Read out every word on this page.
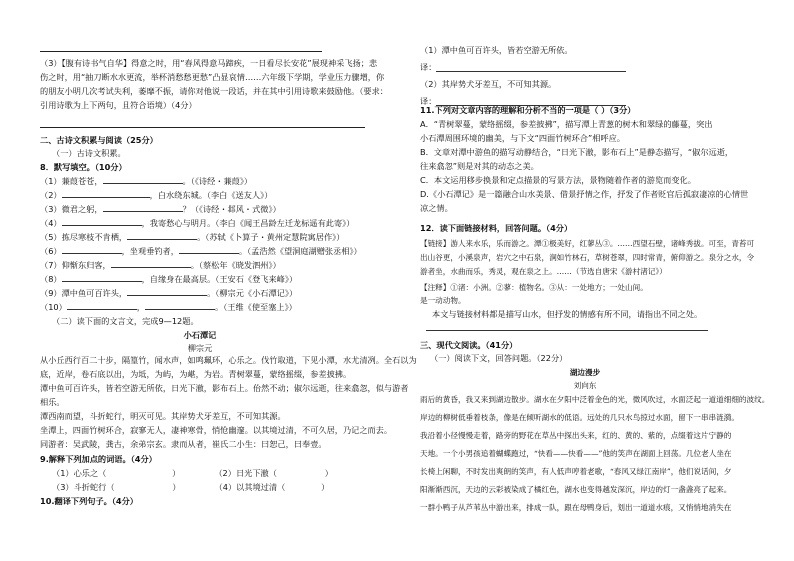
（3）【腹有诗书气自华】得意之时，用“春风得意马蹄疾，一日看尽长安花”展现神采飞扬；悲
伤之时，用“抽刀断水水更流，举杯消愁愁更愁”凸显哀情……六年级下学期，学业压力骤增，你
的朋友小明几次考试失利，萎靡不振，请你对他说一段话，并在其中引用诗歌来鼓励他。（要求：
引用诗歌为上下两句，且符合语境）（4分）
二、古诗文积累与阅读（25分）
（一）古诗文积累。
8．默写填空。（10分）
（1）蒹葭苍苍，	。（《诗经・蒹葭》）
（2）	，白水绕东城。（李白《送友人》）
（3）微君之躬，	？（《诗经・邶风・式微》）
（4）	，我寄愁心与明月。（李白《闻王昌龄左迁龙标遥有此寄》）
（5）拣尽寒枝不肯栖，	。（苏轼《卜算子・黄州定慧院寓居作》）
（6）	，坐观垂钓者，	。（孟浩然《望洞庭湖赠张丞相》）
（7）仰惭东归客，	。（蔡松年《晓发泗州》）
（8）	，自缘身在最高层。（王安石《登飞来峰》）
（9）潭中鱼可百许头，	。（柳宗元《小石潭记》）
（10）	，	。（王维《使至塞上》）
（二）读下面的文言文，完成9—12题。
小石潭记
柳宗元
从小丘西行百二十步，隔篁竹，闻水声，如鸣珮环，心乐之。伐竹取道，下见小潭，水尤清冽。全石以为
底，近岸，卷石底以出，为坻，为屿，为嵁，为岩。青树翠蔓，蒙络摇缀，参差披拂。
潭中鱼可百许头，皆若空游无所依，日光下澈，影布石上。佁然不动；俶尔远逝，往来翕忽，似与游者
相乐。
潭西南而望，斗折蛇行，明灭可见。其岸势犬牙差互，不可知其源。
坐潭上，四面竹树环合，寂寥无人，凄神寒骨，悄怆幽邃。以其境过清，不可久居，乃记之而去。
同游者：吴武陵，龚古，余弟宗玄。隶而从者，崔氏二小生：曰恕己，曰奉壹。
9.解释下列加点的词语。（4分）
（1）心乐之（	）	（2）日光下澈（	）
（3）斗折蛇行（	）	（4）以其境过清（	）
10.翻译下列句子。（4分）
（1）潭中鱼可百许头，皆若空游无所依。
译：
（2）其岸势犬牙差互，不可知其源。
译：
11.下列对文章内容的理解和分析不当的一项是（ ）（3分）
A．“青树翠蔓，蒙络摇缀，参差披拂”，描写潭上青葱的树木和翠绿的藤蔓，突出
小石潭周围环境的幽美，与下文“四面竹树环合”相呼应。
B．文章对潭中游鱼的描写动静结合，“日光下澈，影布石上”是静态描写，“俶尔远逝，
往来翕忽”则是对其的动态之美。
C．本文运用移步换景和定点描景的写景方法，景物随着作者的游览而变化。
D.《小石潭记》是一篇融合山水美景、借景抒情之作，抒发了作者贬官后孤寂凄凉的心情世
凉之情。
12．读下面链接材料，回答问题。（4分）
【链接】游人来水乐，乐而游之。潭①极美好，红蓼丛③。……西望石壁，诸峰秀拔。可至，青苔可
出山谷更，小溪泉声，岩穴之中石泉，涧如竹林石，草树苍翠，四时常青，俯仰游之。泉分之水，令
游者坐，水曲而乐，秀灵，观在泉之上。……（节选自唐宋《游村渚记》）
【注释】①渚：小洲。②蓼：植物名。③从：一处地方；一处山间。
是一动动物。
本文与链接材料都是描写山水，但抒发的情感有所不同，请指出不同之处。
三、现代文阅读。（41分）
（一）阅读下文，回答问题。（22分）
湖边漫步
刘向东
雨后的黄昏，我又来到湖边散步。湖水在夕阳中泛着金色的光，微风吹过，水面泛起一道道细细的波纹。
岸边的柳树低垂着枝条，像是在倾听湖水的低语。远处的几只水鸟掠过水面，留下一串串涟漪。
我沿着小径慢慢走着，路旁的野花在草丛中探出头来，红的、黄的、紫的，点缀着这片宁静的
天地。一个小男孩追着蝴蝶跑过，“快看——快看——”他的笑声在湖面上回荡。几位老人坐在
长椅上闲聊，不时发出爽朗的笑声，有人低声哼着老歌，“春风又绿江南岸”，他们说话间，夕
阳渐渐西沉，天边的云彩被染成了橘红色，湖水也变得越发深沉，岸边的灯一盏盏亮了起来。
一群小鸭子从芦苇丛中游出来，排成一队，跟在母鸭身后，划出一道道水痕，又悄悄地消失在
